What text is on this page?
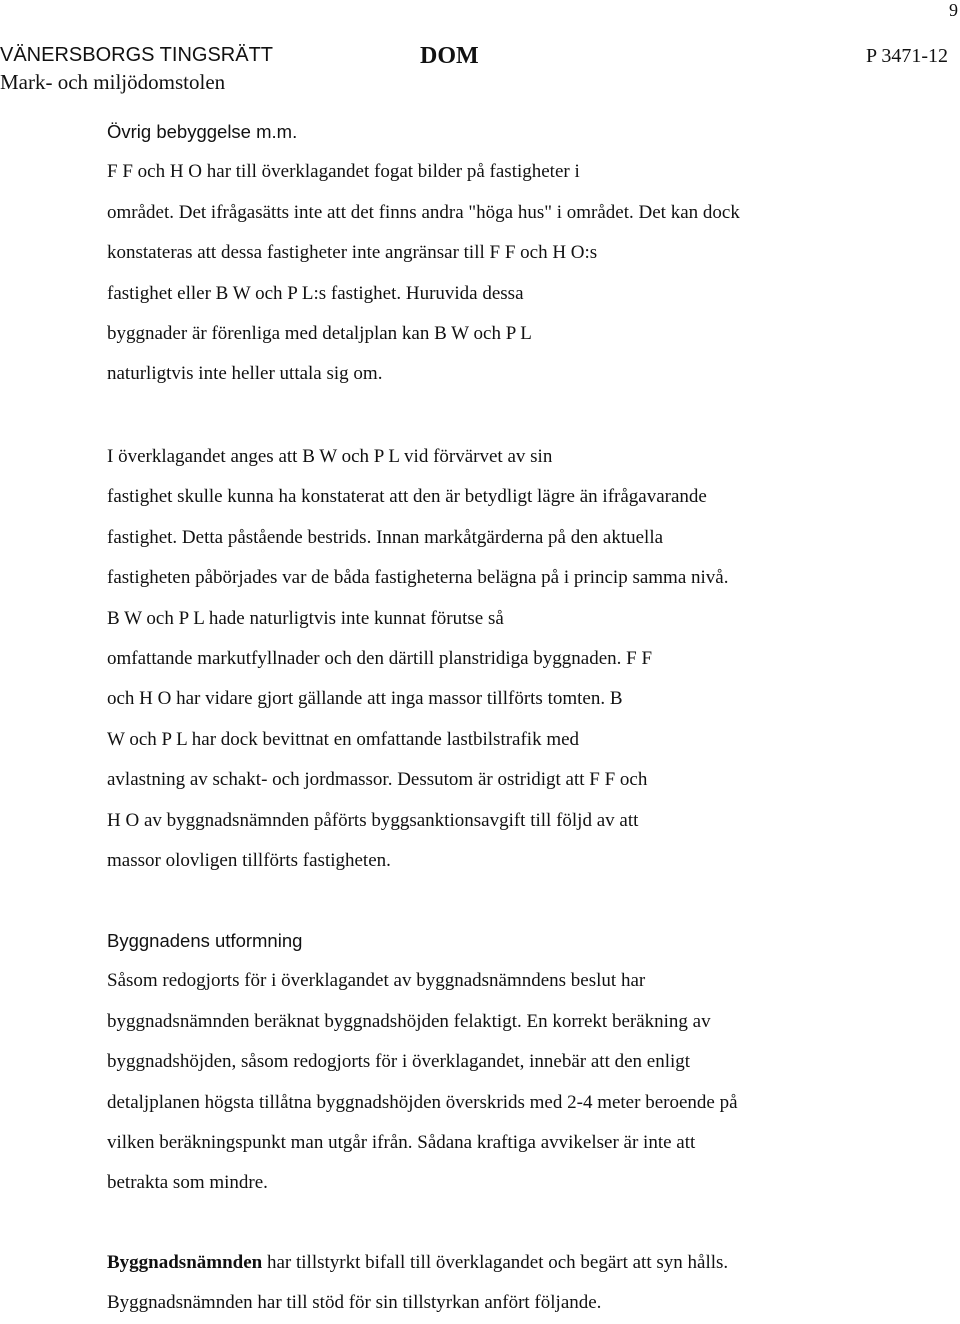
9
VÄNERSBORGS TINGSRÄTT
Mark- och miljödomstolen
DOM	P 3471-12
Övrig bebyggelse m.m.
F F och H O har till överklagandet fogat bilder på fastigheter i
området. Det ifrågasätts inte att det finns andra "höga hus" i området. Det kan dock
konstateras att dessa fastigheter inte angränsar till F F och H O:s
fastighet eller B W och P L:s fastighet. Huruvida dessa
byggnader är förenliga med detaljplan kan B W och P L
naturligtvis inte heller uttala sig om.
I överklagandet anges att B W och P L vid förvärvet av sin
fastighet skulle kunna ha konstaterat att den är betydligt lägre än ifrågavarande
fastighet. Detta påstående bestrids. Innan markåtgärderna på den aktuella
fastigheten påbörjades var de båda fastigheterna belägna på i princip samma nivå.
B W och P L hade naturligtvis inte kunnat förutse så
omfattande markutfyllnader och den därtill planstridiga byggnaden. F F
och H O har vidare gjort gällande att inga massor tillförts tomten. B
W och P L har dock bevittnat en omfattande lastbilstrafik med
avlastning av schakt- och jordmassor. Dessutom är ostridigt att F F och
H O av byggnadsnämnden påförts byggsanktionsavgift till följd av att
massor olovligen tillförts fastigheten.
Byggnadens utformning
Såsom redogjorts för i överklagandet av byggnadsnämndens beslut har
byggnadsnämnden beräknat byggnadshöjden felaktigt. En korrekt beräkning av
byggnadshöjden, såsom redogjorts för i överklagandet, innebär att den enligt
detaljplanen högsta tillåtna byggnadshöjden överskrids med 2-4 meter beroende på
vilken beräkningspunkt man utgår ifrån. Sådana kraftiga avvikelser är inte att
betrakta som mindre.
Byggnadsnämnden har tillstyrkt bifall till överklagandet och begärt att syn hålls.
Byggnadsnämnden har till stöd för sin tillstyrkan anfört följande.
